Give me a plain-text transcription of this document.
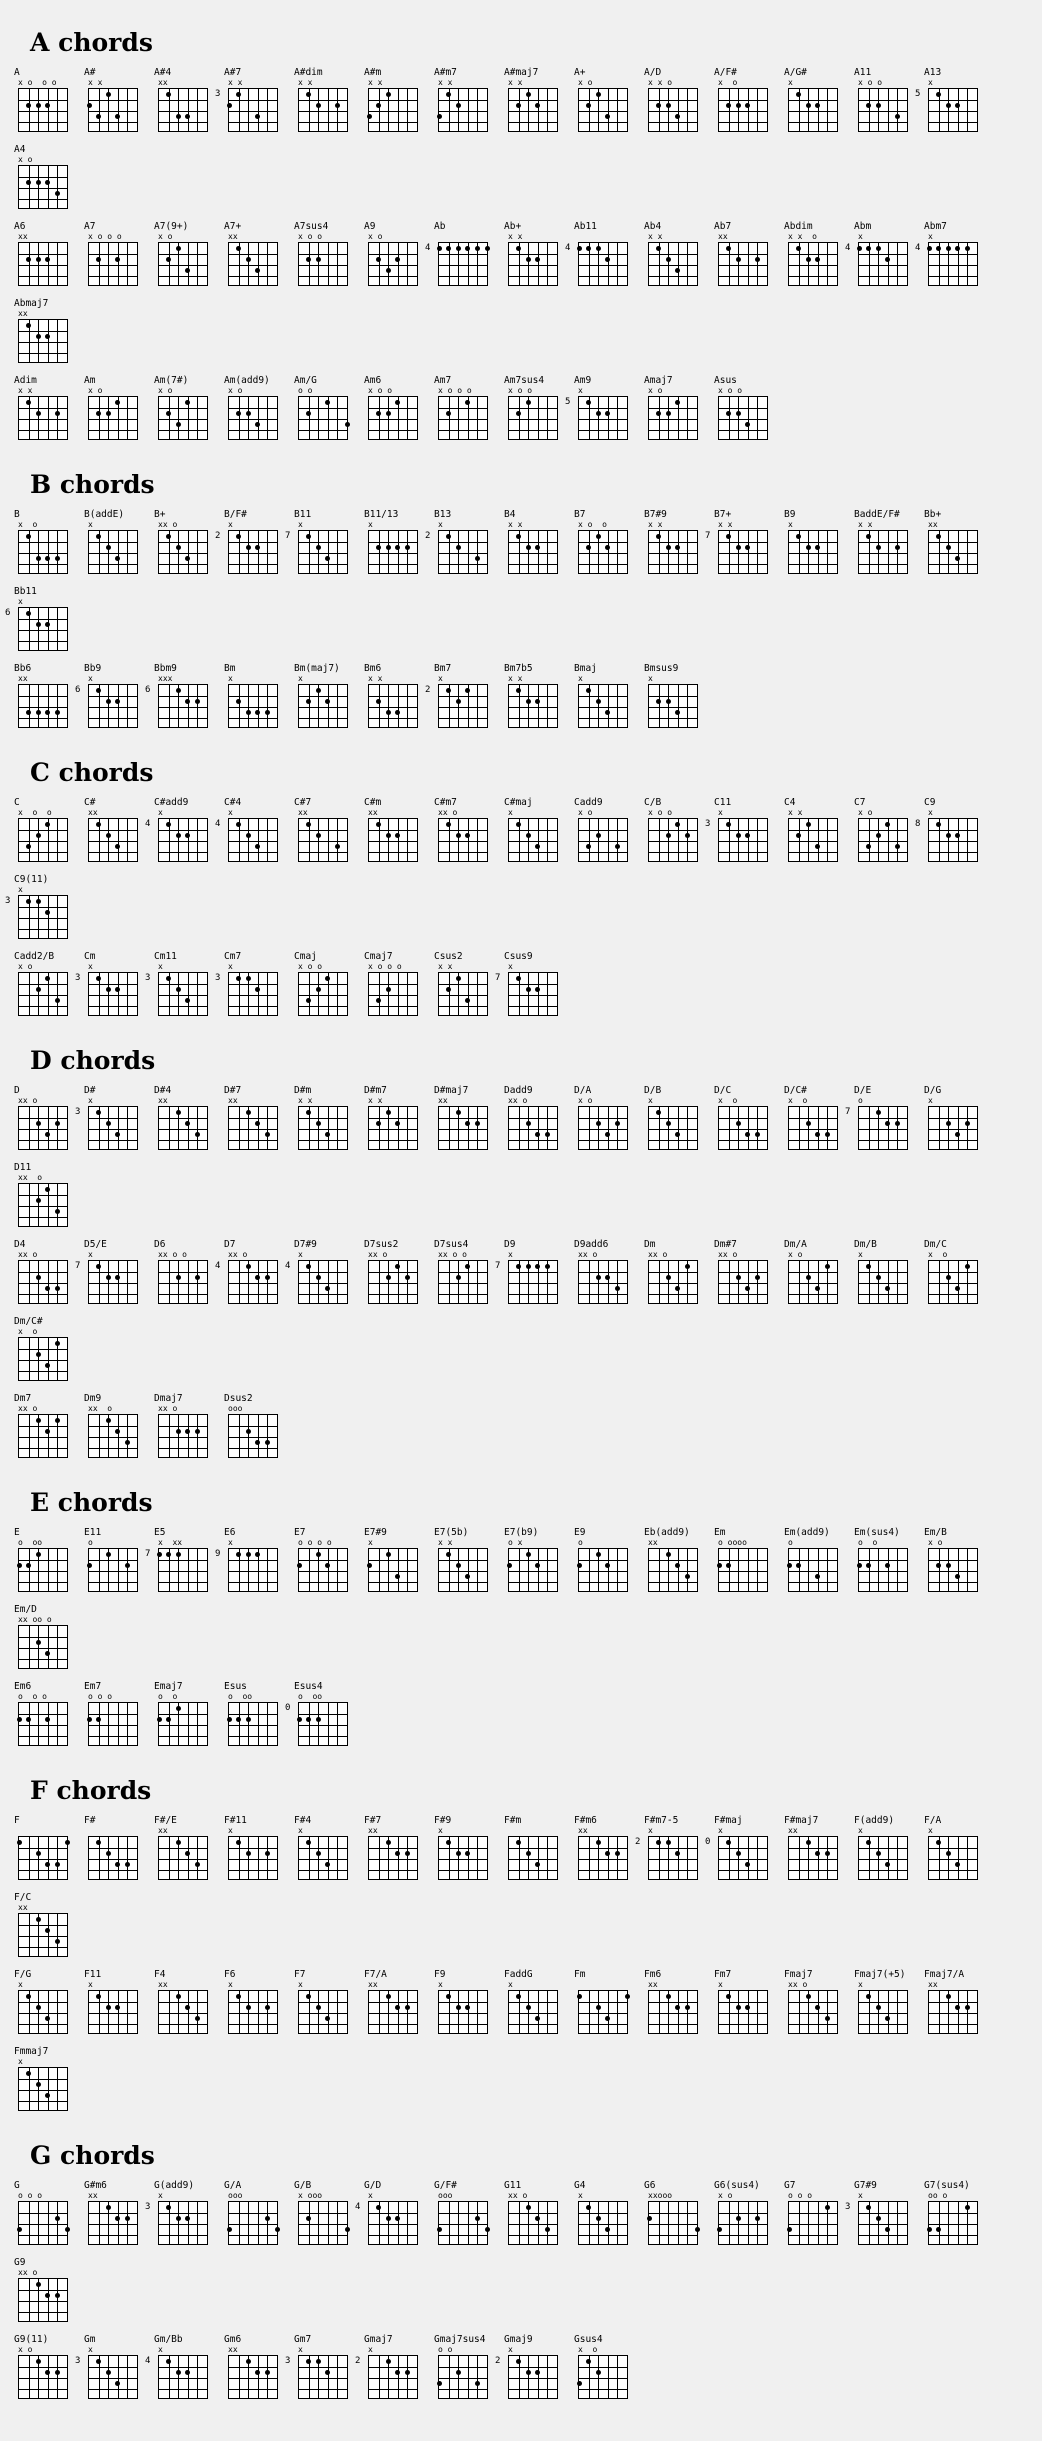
A chords
A
x o  o o
A#
x x
A#4
xx
A#7
x x
3
A#dim
x x
A#m
x x
A#m7
x x
A#maj7
x x
A+
x o
A/D
x x o
A/F#
x  o
A/G#
x
A11
x o o
A13
x
5
A4
x o
A6
xx
A7
x o o o
A7(9+)
x o
A7+
xx
A7sus4
x o o
A9
x o
Ab
4
Ab+
x x
Ab11
4
Ab4
x x
Ab7
xx
Abdim
x x  o
Abm
x
4
Abm7
x
4
Abmaj7
xx
Adim
x x
Am
x o
Am(7#)
x o
Am(add9)
x o
Am/G
o o
Am6
x o o
Am7
x o o o
Am7sus4
x o o
Am9
x
5
Amaj7
x o
Asus
x o o
B chords
B
x  o
B(addE)
x
B+
xx o
B/F#
x
2
B11
x
7
B11/13
x
B13
x
2
B4
x x
B7
x o  o
B7#9
x x
B7+
x x
7
B9
x
BaddE/F#
x x
Bb+
xx
Bb11
x
6
Bb6
xx
Bb9
x
6
Bbm9
xxx
6
Bm
x
Bm(maj7)
x
Bm6
x x
Bm7
x
2
Bm7b5
x x
Bmaj
x
Bmsus9
x
C chords
C
x  o  o
C#
xx
C#add9
x
4
C#4
x
4
C#7
xx
C#m
xx
C#m7
xx o
C#maj
x
Cadd9
x o
C/B
x o o
C11
x
3
C4
x x
C7
x o
C9
x
8
C9(11)
x
3
Cadd2/B
x o
Cm
x
3
Cm11
x
3
Cm7
x
3
Cmaj
x o o
Cmaj7
x o o o
Csus2
x x
Csus9
x
7
D chords
D
xx o
D#
x
3
D#4
xx
D#7
xx
D#m
x x
D#m7
x x
D#maj7
xx
Dadd9
xx o
D/A
x o
D/B
x
D/C
x  o
D/C#
x  o
D/E
o
7
D/G
x
D11
xx  o
D4
xx o
D5/E
x
7
D6
xx o o
D7
xx o
4
D7#9
x
4
D7sus2
xx o
D7sus4
xx o o
D9
x
7
D9add6
xx o
Dm
xx o
Dm#7
xx o
Dm/A
x o
Dm/B
x
Dm/C
x  o
Dm/C#
x  o
Dm7
xx o
Dm9
xx  o
Dmaj7
xx o
Dsus2
ooo
E chords
E
o  oo
E11
o
E5
x  xx
7
E6
x
9
E7
o o o o
E7#9
x
E7(5b)
x x
E7(b9)
o x
E9
o
Eb(add9)
xx
Em
o oooo
Em(add9)
o
Em(sus4)
o  o
Em/B
x o
Em/D
xx oo o
Em6
o  o o
Em7
o o o
Emaj7
o  o
Esus
o  oo
Esus4
o  oo
0
F chords
F	F#	F#/E
xx
F#11
x
F#4
x
F#7
xx
F#9
x
F#m	F#m6
xx
F#m7-5
x
2
F#maj
x
0
F#maj7
xx
F(add9)
x
F/A
x
F/C
xx
F/G
x
F11
x
F4
xx
F6
x
F7
x
F7/A
xx
F9
x
FaddG
x
Fm	Fm6
xx
Fm7
x
Fmaj7
xx o
Fmaj7(+5)
x
Fmaj7/A
xx
Fmmaj7
x
G chords
G
o o o
G#m6
xx
G(add9)
x
3
G/A
ooo
G/B
x ooo
G/D
x
4
G/F#
ooo
G11
xx o
G4
x
G6
xxooo
G6(sus4)
x o
G7
o o o
G7#9
x
3
G7(sus4)
oo o
G9
xx o
G9(11)
x o
Gm
x
3
Gm/Bb
x
4
Gm6
xx
Gm7
x
3
Gmaj7
x
2
Gmaj7sus4
o o
Gmaj9
x
2
Gsus4
x  o
